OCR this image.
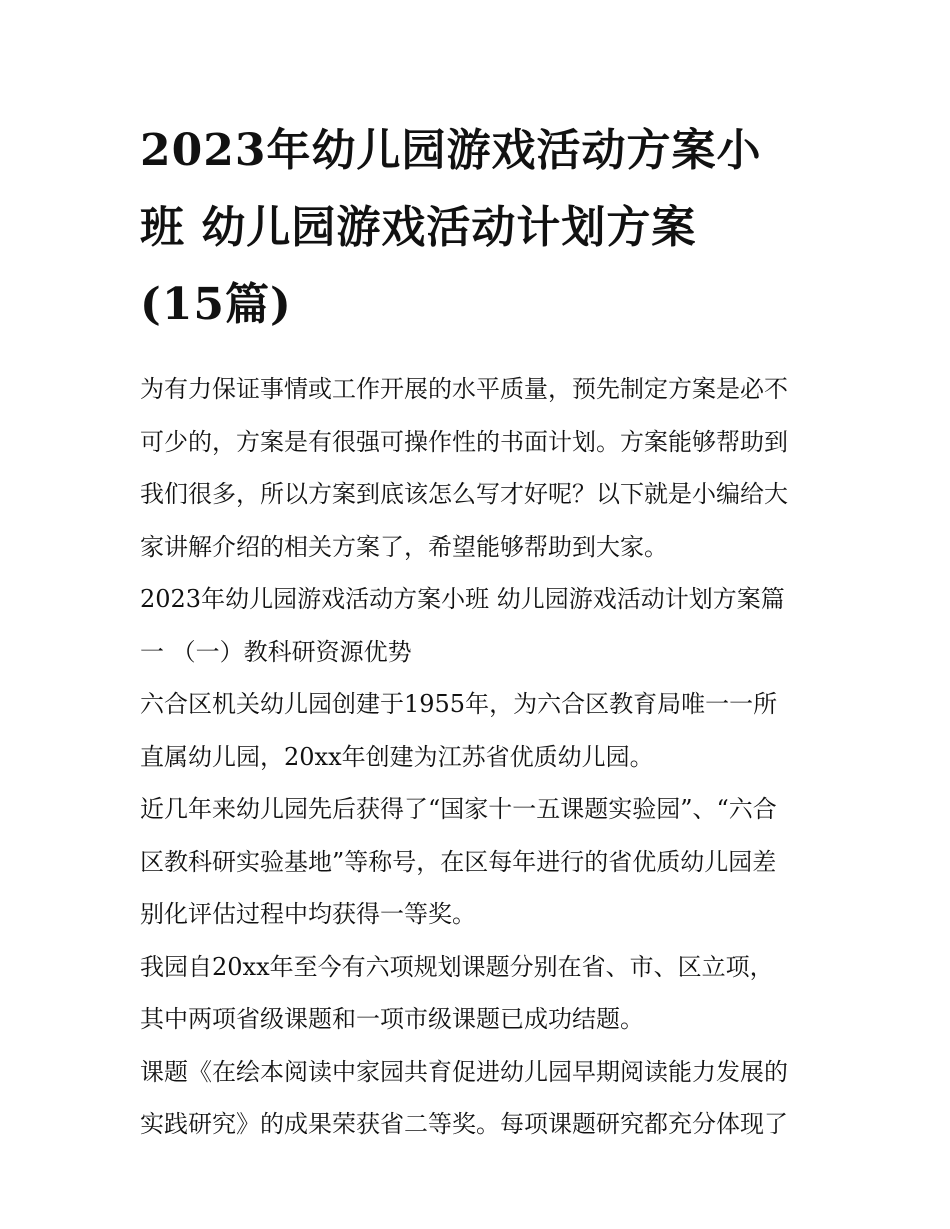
2023年幼儿园游戏活动方案小
班 幼儿园游戏活动计划方案
(15篇)
为有力保证事情或工作开展的水平质量，预先制定方案是必不
可少的，方案是有很强可操作性的书面计划。方案能够帮助到
我们很多，所以方案到底该怎么写才好呢？以下就是小编给大
家讲解介绍的相关方案了，希望能够帮助到大家。
2023年幼儿园游戏活动方案小班 幼儿园游戏活动计划方案篇
一 （一）教科研资源优势
六合区机关幼儿园创建于1955年，为六合区教育局唯一一所
直属幼儿园，20xx年创建为江苏省优质幼儿园。
近几年来幼儿园先后获得了“国家十一五课题实验园”、“六合
区教科研实验基地”等称号，在区每年进行的省优质幼儿园差
别化评估过程中均获得一等奖。
我园自20xx年至今有六项规划课题分别在省、市、区立项，
其中两项省级课题和一项市级课题已成功结题。
课题《在绘本阅读中家园共育促进幼儿园早期阅读能力发展的
实践研究》的成果荣获省二等奖。每项课题研究都充分体现了
